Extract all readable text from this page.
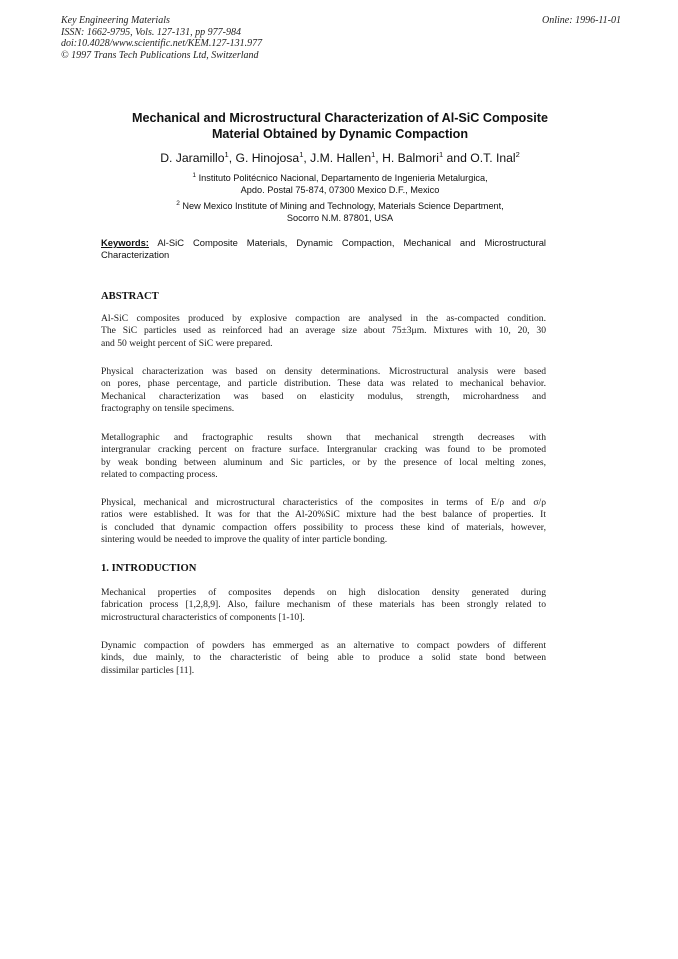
Key Engineering Materials
ISSN: 1662-9795, Vols. 127-131, pp 977-984
doi:10.4028/www.scientific.net/KEM.127-131.977
© 1997 Trans Tech Publications Ltd, Switzerland
Online: 1996-11-01
Mechanical and Microstructural Characterization of Al-SiC Composite
Material Obtained by Dynamic Compaction
D. Jaramillo$^1$, G. Hinojosa$^1$, J.M. Hallen$^1$, H. Balmori$^1$ and O.T. Inal$^2$
$^1$ Instituto Politécnico Nacional, Departamento de Ingenieria Metalurgica,
Apdo. Postal 75-874, 07300 Mexico D.F., Mexico
$^2$ New Mexico Institute of Mining and Technology, Materials Science Department,
Socorro N.M. 87801, USA
Keywords: Al-SiC Composite Materials, Dynamic Compaction, Mechanical and Microstructural Characterization
ABSTRACT
Al-SiC composites produced by explosive compaction are analysed in the as-compacted condition.
The SiC particles used as reinforced had an average size about 75±3μm. Mixtures with 10, 20, 30
and 50 weight percent of SiC were prepared.
Physical characterization was based on density determinations. Microstructural analysis were based
on pores, phase percentage, and particle distribution. These data was related to mechanical behavior.
Mechanical characterization was based on elasticity modulus, strength, microhardness and
fractography on tensile specimens.
Metallographic and fractographic results shown that mechanical strength decreases with
intergranular cracking percent on fracture surface. Intergranular cracking was found to be promoted
by weak bonding between aluminum and Sic particles, or by the presence of local melting zones,
related to compacting process.
Physical, mechanical and microstructural characteristics of the composites in terms of E/ρ and σ/ρ
ratios were established. It was for that the Al-20%SiC mixture had the best balance of properties. It
is concluded that dynamic compaction offers possibility to process these kind of materials, however,
sintering would be needed to improve the quality of inter particle bonding.
1. INTRODUCTION
Mechanical properties of composites depends on high dislocation density generated during
fabrication process [1,2,8,9]. Also, failure mechanism of these materials has been strongly related to
microstructural characteristics of components [1-10].
Dynamic compaction of powders has emmerged as an alternative to compact powders of different
kinds, due mainly, to the characteristic of being able to produce a solid state bond between
dissimilar particles [11].
